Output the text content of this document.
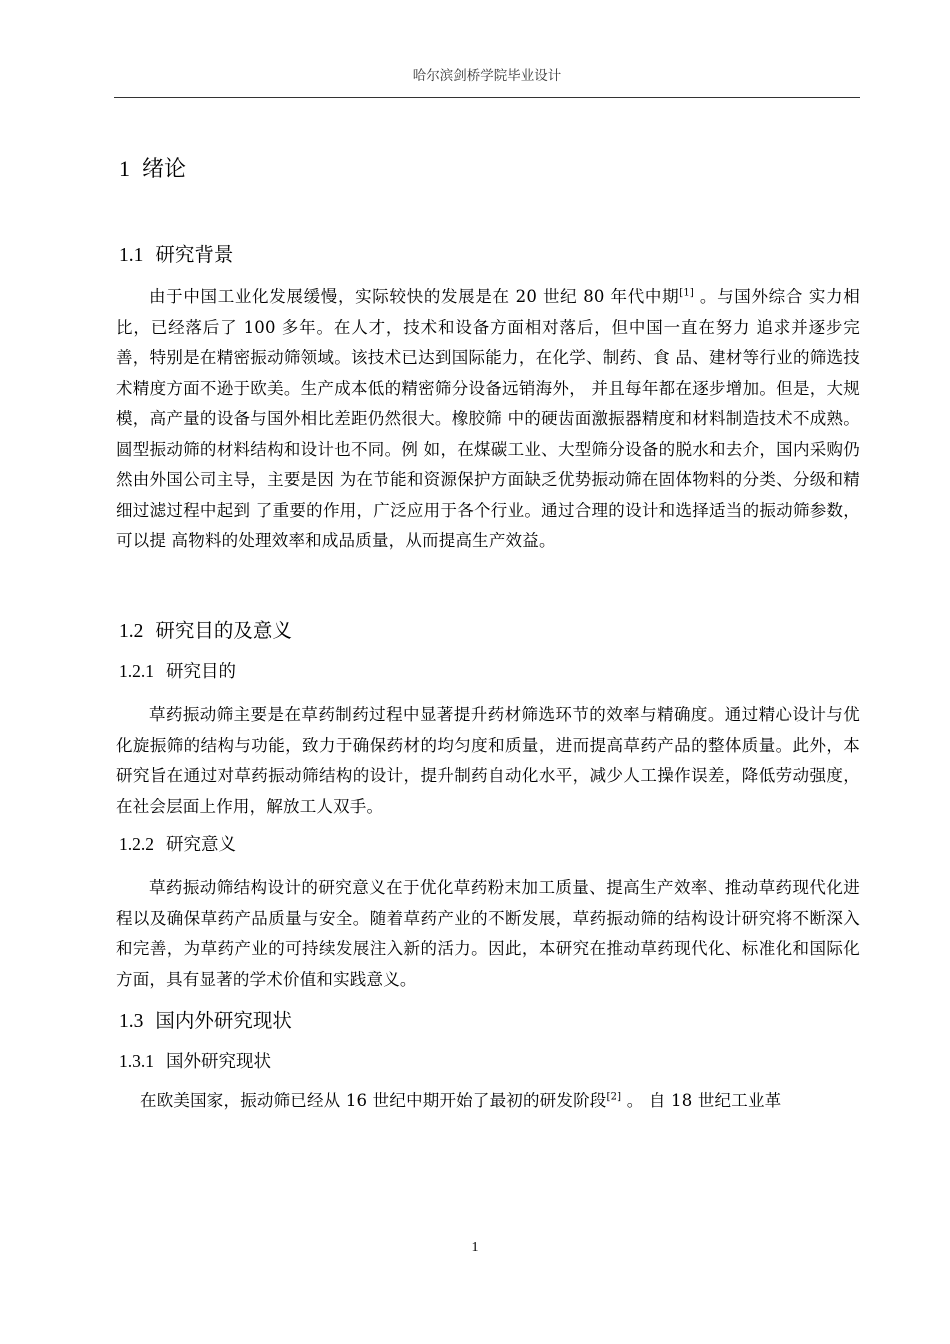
哈尔滨剑桥学院毕业设计
1 绪论
1.1 研究背景

由于中国工业化发展缓慢，实际较快的发展是在 20 世纪 80 年代中期[1] 。与国外综合 实力相比，已经落后了 100 多年。在人才，技术和设备方面相对落后，但中国一直在努力 追求并逐步完善，特别是在精密振动筛领域。该技术已达到国际能力，在化学、制药、食 品、建材等行业的筛选技术精度方面不逊于欧美。生产成本低的精密筛分设备远销海外， 并且每年都在逐步增加。但是，大规模，高产量的设备与国外相比差距仍然很大。橡胶筛 中的硬齿面激振器精度和材料制造技术不成熟。圆型振动筛的材料结构和设计也不同。例 如，在煤碳工业、大型筛分设备的脱水和去介，国内采购仍然由外国公司主导，主要是因 为在节能和资源保护方面缺乏优势振动筛在固体物料的分类、分级和精细过滤过程中起到 了重要的作用，广泛应用于各个行业。通过合理的设计和选择适当的振动筛参数，可以提 高物料的处理效率和成品质量，从而提高生产效益。

1.2 研究目的及意义
1.2.1 研究目的

草药振动筛主要是在草药制药过程中显著提升药材筛选环节的效率与精确度。通过精心设计与优化旋振筛的结构与功能，致力于确保药材的均匀度和质量，进而提高草药产品的整体质量。此外，本研究旨在通过对草药振动筛结构的设计，提升制药自动化水平，减少人工操作误差，降低劳动强度，在社会层面上作用，解放工人双手。

1.2.2 研究意义

草药振动筛结构设计的研究意义在于优化草药粉末加工质量、提高生产效率、推动草药现代化进程以及确保草药产品质量与安全。随着草药产业的不断发展，草药振动筛的结构设计研究将不断深入和完善，为草药产业的可持续发展注入新的活力。因此，本研究在推动草药现代化、标准化和国际化方面，具有显著的学术价值和实践意义。

1.3 国内外研究现状
1.3.1 国外研究现状

在欧美国家，振动筛已经从 16 世纪中期开始了最初的研发阶段[2] 。 自 18 世纪工业革

1
